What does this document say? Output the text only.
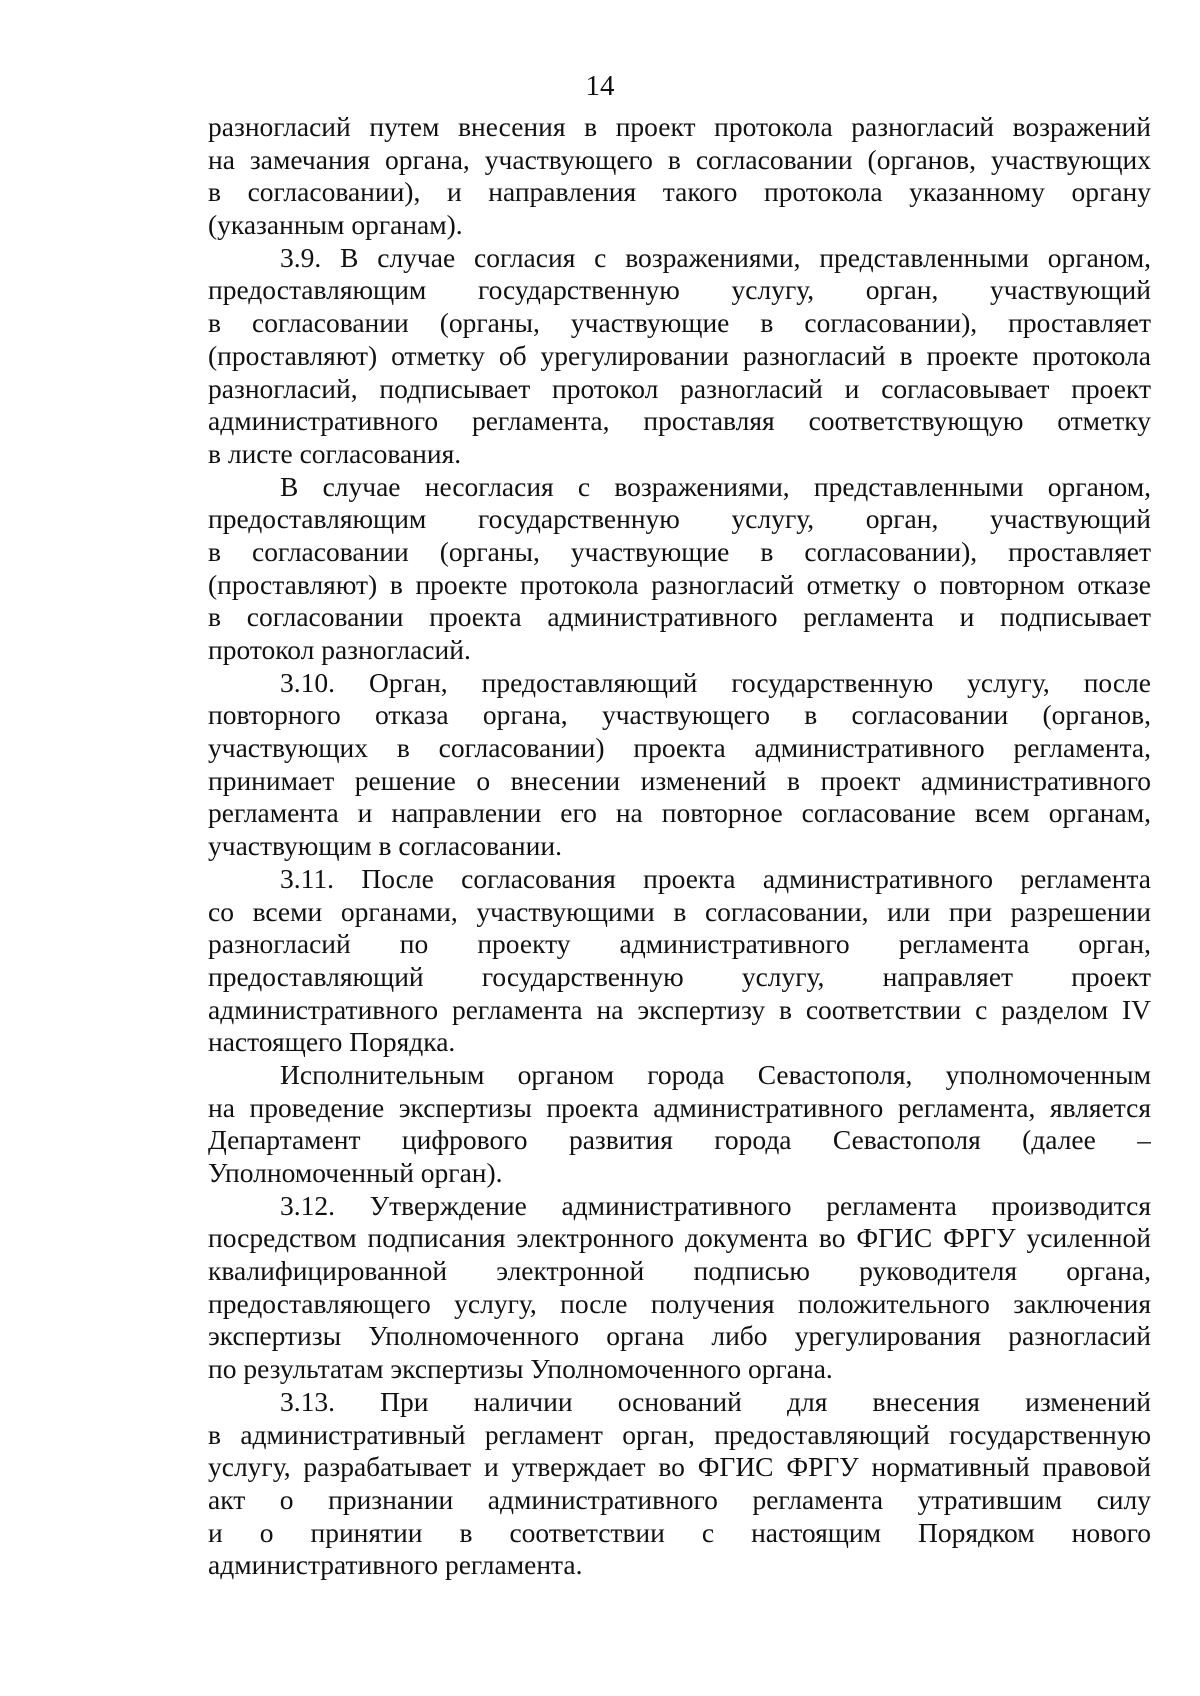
14
разногласий путем внесения в проект протокола разногласий возражений
на замечания органа, участвующего в согласовании (органов, участвующих
в согласовании), и направления такого протокола указанному органу
(указанным органам).
3.9. В случае согласия с возражениями, представленными органом,
предоставляющим государственную услугу, орган, участвующий
в согласовании (органы, участвующие в согласовании), проставляет
(проставляют) отметку об урегулировании разногласий в проекте протокола
разногласий, подписывает протокол разногласий и согласовывает проект
административного регламента, проставляя соответствующую отметку
в листе согласования.
В случае несогласия с возражениями, представленными органом,
предоставляющим государственную услугу, орган, участвующий
в согласовании (органы, участвующие в согласовании), проставляет
(проставляют) в проекте протокола разногласий отметку о повторном отказе
в согласовании проекта административного регламента и подписывает
протокол разногласий.
3.10. Орган, предоставляющий государственную услугу, после
повторного отказа органа, участвующего в согласовании (органов,
участвующих в согласовании) проекта административного регламента,
принимает решение о внесении изменений в проект административного
регламента и направлении его на повторное согласование всем органам,
участвующим в согласовании.
3.11. После согласования проекта административного регламента
со всеми органами, участвующими в согласовании, или при разрешении
разногласий по проекту административного регламента орган,
предоставляющий государственную услугу, направляет проект
административного регламента на экспертизу в соответствии с разделом IV
настоящего Порядка.
Исполнительным органом города Севастополя, уполномоченным
на проведение экспертизы проекта административного регламента, является
Департамент цифрового развития города Севастополя (далее –
Уполномоченный орган).
3.12. Утверждение административного регламента производится
посредством подписания электронного документа во ФГИС ФРГУ усиленной
квалифицированной электронной подписью руководителя органа,
предоставляющего услугу, после получения положительного заключения
экспертизы Уполномоченного органа либо урегулирования разногласий
по результатам экспертизы Уполномоченного органа.
3.13. При наличии оснований для внесения изменений
в административный регламент орган, предоставляющий государственную
услугу, разрабатывает и утверждает во ФГИС ФРГУ нормативный правовой
акт о признании административного регламента утратившим силу
и о принятии в соответствии с настоящим Порядком нового
административного регламента.
